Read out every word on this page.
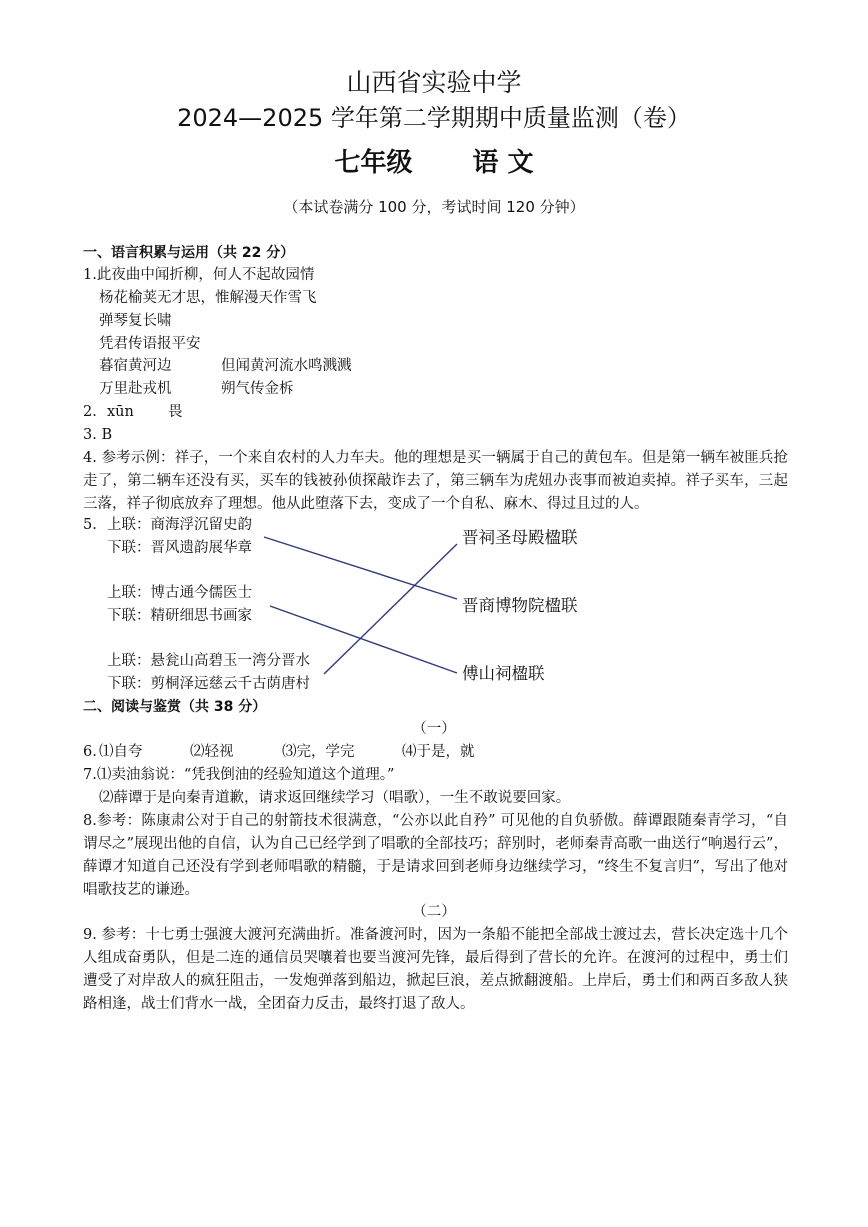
山西省实验中学
2024—2025 学年第二学期期中质量监测（卷）
七年级 语 文
（本试卷满分 100 分，考试时间 120 分钟）
一、语言积累与运用（共 22 分）
1.此夜曲中闻折柳，何人不起故园情
杨花榆荚无才思，惟解漫天作雪飞
弹琴复长啸
凭君传语报平安
暮宿黄河边	但闻黄河流水鸣溅溅
万里赴戎机	朔气传金柝
2. xūn 畏
3. B
4. 参考示例：祥子，一个来自农村的人力车夫。他的理想是买一辆属于自己的黄包车。但是第一辆车被匪兵抢走了，第二辆车还没有买，买车的钱被孙侦探敲诈去了，第三辆车为虎妞办丧事而被迫卖掉。祥子买车，三起三落，祥子彻底放弃了理想。他从此堕落下去，变成了一个自私、麻木、得过且过的人。
5. 上联：商海浮沉留史韵
下联：晋风遗韵展华章
上联：博古通今儒医士
下联：精研细思书画家
上联：悬瓮山高碧玉一湾分晋水
下联：剪桐泽远慈云千古荫唐村
晋祠圣母殿楹联
晋商博物院楹联
傅山祠楹联
二、阅读与鉴赏（共 38 分）
（一）
6. ⑴自夸	⑵轻视	⑶完，学完	⑷于是，就
7.⑴卖油翁说：“凭我倒油的经验知道这个道理。”
⑵薛谭于是向秦青道歉，请求返回继续学习（唱歌），一生不敢说要回家。
8.参考：陈康肃公对于自己的射箭技术很满意，“公亦以此自矜” 可见他的自负骄傲。薛谭跟随秦青学习，“自谓尽之”展现出他的自信，认为自己已经学到了唱歌的全部技巧；辞别时，老师秦青高歌一曲送行“响遏行云”，薛谭才知道自己还没有学到老师唱歌的精髓，于是请求回到老师身边继续学习，“终生不复言归”，写出了他对唱歌技艺的谦逊。
（二）
9. 参考：十七勇士强渡大渡河充满曲折。准备渡河时，因为一条船不能把全部战士渡过去，营长决定选十几个人组成奋勇队，但是二连的通信员哭嚷着也要当渡河先锋，最后得到了营长的允许。在渡河的过程中，勇士们遭受了对岸敌人的疯狂阻击，一发炮弹落到船边，掀起巨浪，差点掀翻渡船。上岸后，勇士们和两百多敌人狭路相逢，战士们背水一战，全团奋力反击，最终打退了敌人。
